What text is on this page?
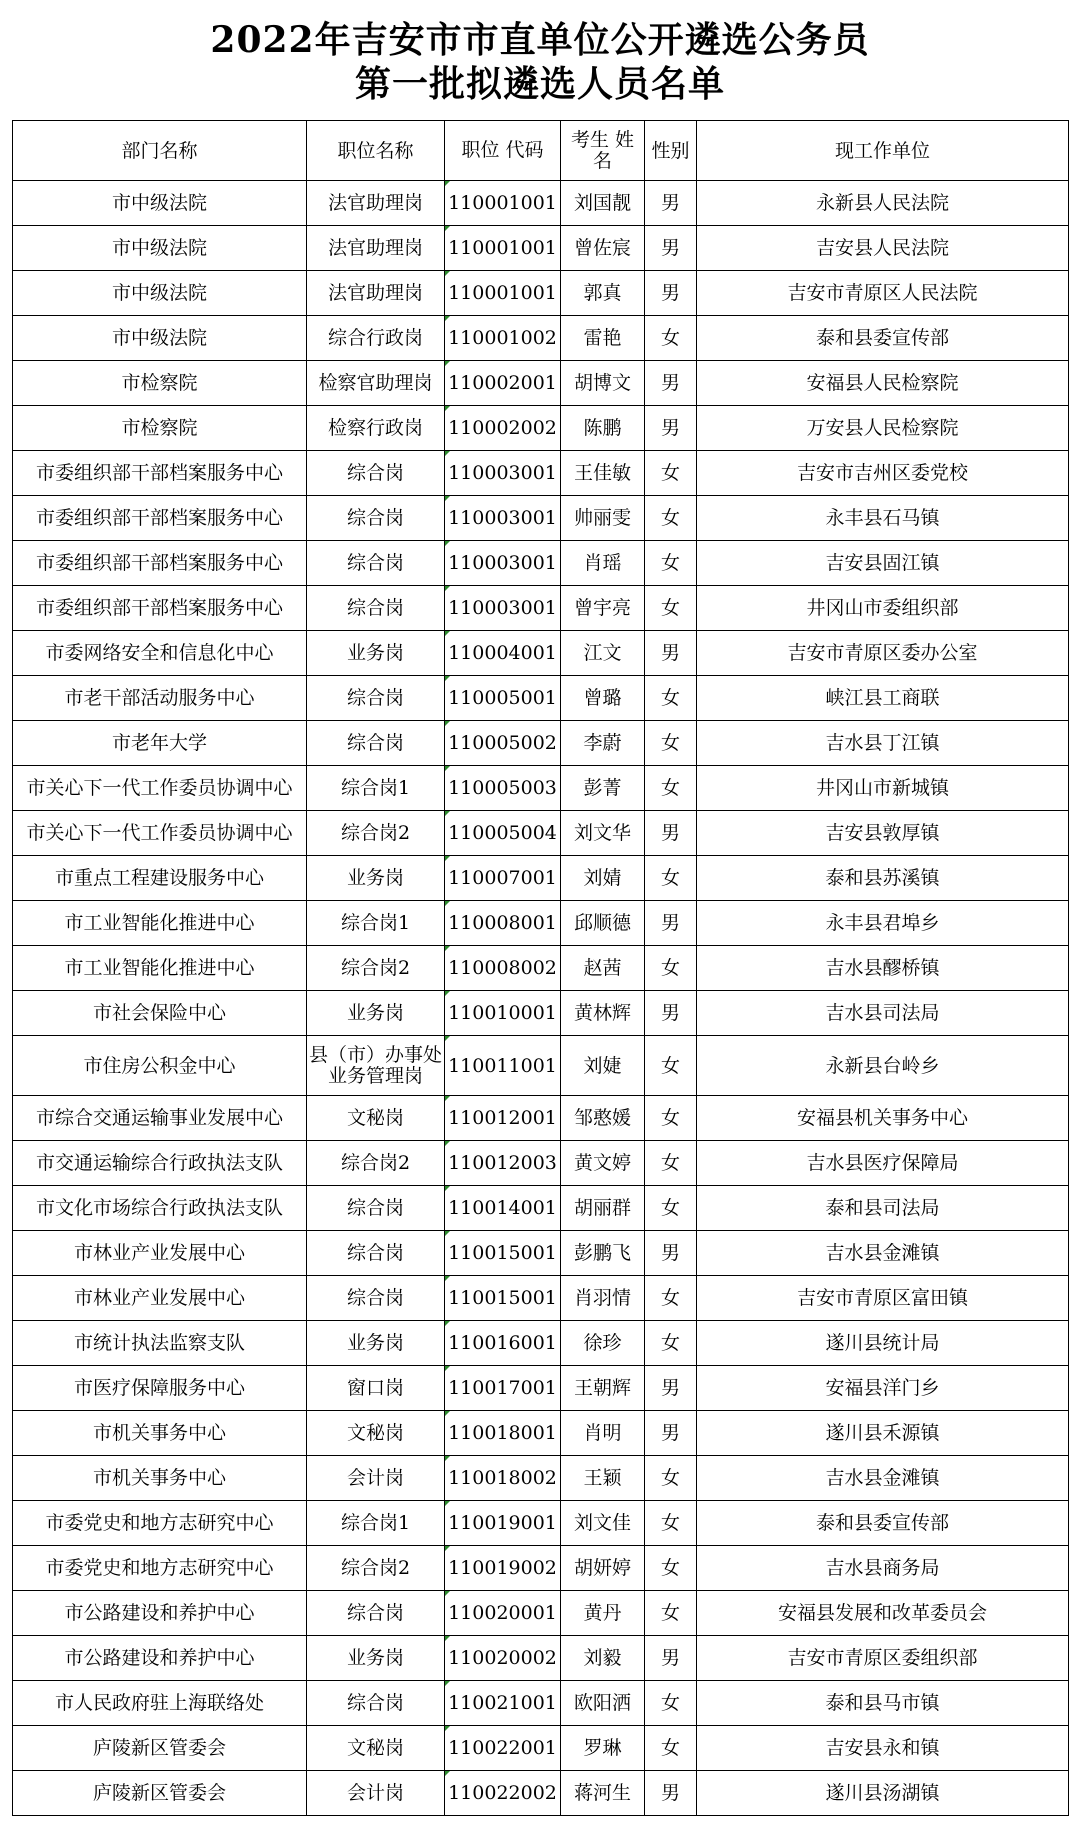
2022年吉安市市直单位公开遴选公务员
第一批拟遴选人员名单
部门名称	职位名称	职位 代码	考生 姓名	性别	现工作单位
市中级法院	法官助理岗	110001001	刘国靓	男	永新县人民法院
市中级法院	法官助理岗	110001001	曾佐宸	男	吉安县人民法院
市中级法院	法官助理岗	110001001	郭真	男	吉安市青原区人民法院
市中级法院	综合行政岗	110001002	雷艳	女	泰和县委宣传部
市检察院	检察官助理岗	110002001	胡博文	男	安福县人民检察院
市检察院	检察行政岗	110002002	陈鹏	男	万安县人民检察院
市委组织部干部档案服务中心	综合岗	110003001	王佳敏	女	吉安市吉州区委党校
市委组织部干部档案服务中心	综合岗	110003001	帅丽雯	女	永丰县石马镇
市委组织部干部档案服务中心	综合岗	110003001	肖瑶	女	吉安县固江镇
市委组织部干部档案服务中心	综合岗	110003001	曾宇亮	女	井冈山市委组织部
市委网络安全和信息化中心	业务岗	110004001	江文	男	吉安市青原区委办公室
市老干部活动服务中心	综合岗	110005001	曾璐	女	峡江县工商联
市老年大学	综合岗	110005002	李蔚	女	吉水县丁江镇
市关心下一代工作委员协调中心	综合岗1	110005003	彭菁	女	井冈山市新城镇
市关心下一代工作委员协调中心	综合岗2	110005004	刘文华	男	吉安县敦厚镇
市重点工程建设服务中心	业务岗	110007001	刘婧	女	泰和县苏溪镇
市工业智能化推进中心	综合岗1	110008001	邱顺德	男	永丰县君埠乡
市工业智能化推进中心	综合岗2	110008002	赵茜	女	吉水县醪桥镇
市社会保险中心	业务岗	110010001	黄林辉	男	吉水县司法局
市住房公积金中心	县（市）办事处 业务管理岗	110011001	刘婕	女	永新县台岭乡
市综合交通运输事业发展中心	文秘岗	110012001	邹憨媛	女	安福县机关事务中心
市交通运输综合行政执法支队	综合岗2	110012003	黄文婷	女	吉水县医疗保障局
市文化市场综合行政执法支队	综合岗	110014001	胡丽群	女	泰和县司法局
市林业产业发展中心	综合岗	110015001	彭鹏飞	男	吉水县金滩镇
市林业产业发展中心	综合岗	110015001	肖羽情	女	吉安市青原区富田镇
市统计执法监察支队	业务岗	110016001	徐珍	女	遂川县统计局
市医疗保障服务中心	窗口岗	110017001	王朝辉	男	安福县洋门乡
市机关事务中心	文秘岗	110018001	肖明	男	遂川县禾源镇
市机关事务中心	会计岗	110018002	王颖	女	吉水县金滩镇
市委党史和地方志研究中心	综合岗1	110019001	刘文佳	女	泰和县委宣传部
市委党史和地方志研究中心	综合岗2	110019002	胡妍婷	女	吉水县商务局
市公路建设和养护中心	综合岗	110020001	黄丹	女	安福县发展和改革委员会
市公路建设和养护中心	业务岗	110020002	刘毅	男	吉安市青原区委组织部
市人民政府驻上海联络处	综合岗	110021001	欧阳洒	女	泰和县马市镇
庐陵新区管委会	文秘岗	110022001	罗琳	女	吉安县永和镇
庐陵新区管委会	会计岗	110022002	蒋河生	男	遂川县汤湖镇
